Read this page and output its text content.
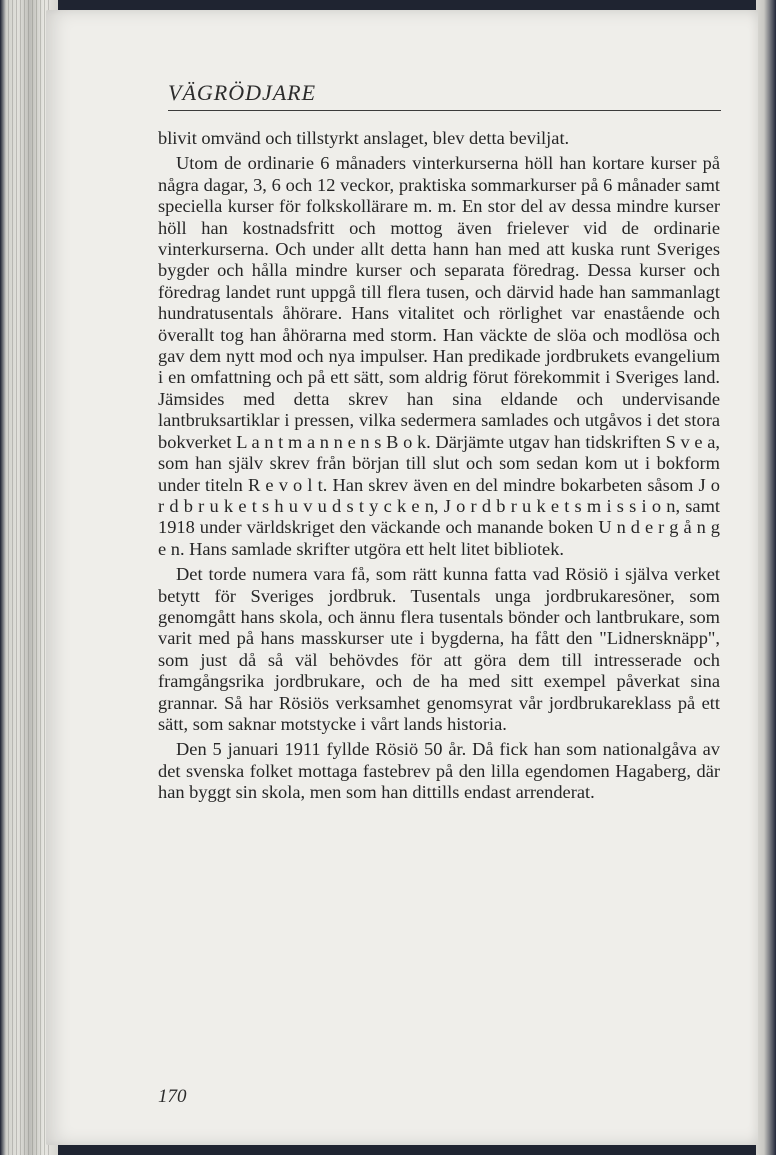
VÄGRÖDJARE

blivit omvänd och tillstyrkt anslaget, blev detta beviljat.

Utom de ordinarie 6 månaders vinterkurserna höll han kortare kurser på några dagar, 3, 6 och 12 veckor, praktiska sommarkurser på 6 månader samt speciella kurser för folkskollärare m. m. En stor del av dessa mindre kurser höll han kostnadsfritt och mottog även frielever vid de ordinarie vinterkurserna. Och under allt detta hann han med att kuska runt Sveriges bygder och hålla mindre kurser och separata föredrag. Dessa kurser och föredrag landet runt uppgå till flera tusen, och därvid hade han sammanlagt hundratusentals åhörare. Hans vitalitet och rörlighet var enastående och överallt tog han åhörarna med storm. Han väckte de slöa och modlösa och gav dem nytt mod och nya impulser. Han predikade jordbrukets evangelium i en omfattning och på ett sätt, som aldrig förut förekommit i Sveriges land. Jämsides med detta skrev han sina eldande och undervisande lantbruksartiklar i pressen, vilka sedermera samlades och utgåvos i det stora bokverket L a n t m a n n e n s B o k. Därjämte utgav han tidskriften S v e a, som han själv skrev från början till slut och som sedan kom ut i bokform under titeln R e v o l t. Han skrev även en del mindre bokarbeten såsom J o r d b r u k e t s h u v u d s t y c k e n, J o r d b r u k e t s m i s s i o n, samt 1918 under världskriget den väckande och manande boken U n d e r g å n g e n. Hans samlade skrifter utgöra ett helt litet bibliotek.

Det torde numera vara få, som rätt kunna fatta vad Rösiö i själva verket betytt för Sveriges jordbruk. Tusentals unga jordbrukaresöner, som genomgått hans skola, och ännu flera tusentals bönder och lantbrukare, som varit med på hans masskurser ute i bygderna, ha fått den "Lidnersknäpp", som just då så väl behövdes för att göra dem till intresserade och framgångsrika jordbrukare, och de ha med sitt exempel påverkat sina grannar. Så har Rösiös verksamhet genomsyrat vår jordbrukareklass på ett sätt, som saknar motstycke i vårt lands historia.

Den 5 januari 1911 fyllde Rösiö 50 år. Då fick han som nationalgåva av det svenska folket mottaga fastebrev på den lilla egendomen Hagaberg, där han byggt sin skola, men som han dittills endast arrenderat.

170
